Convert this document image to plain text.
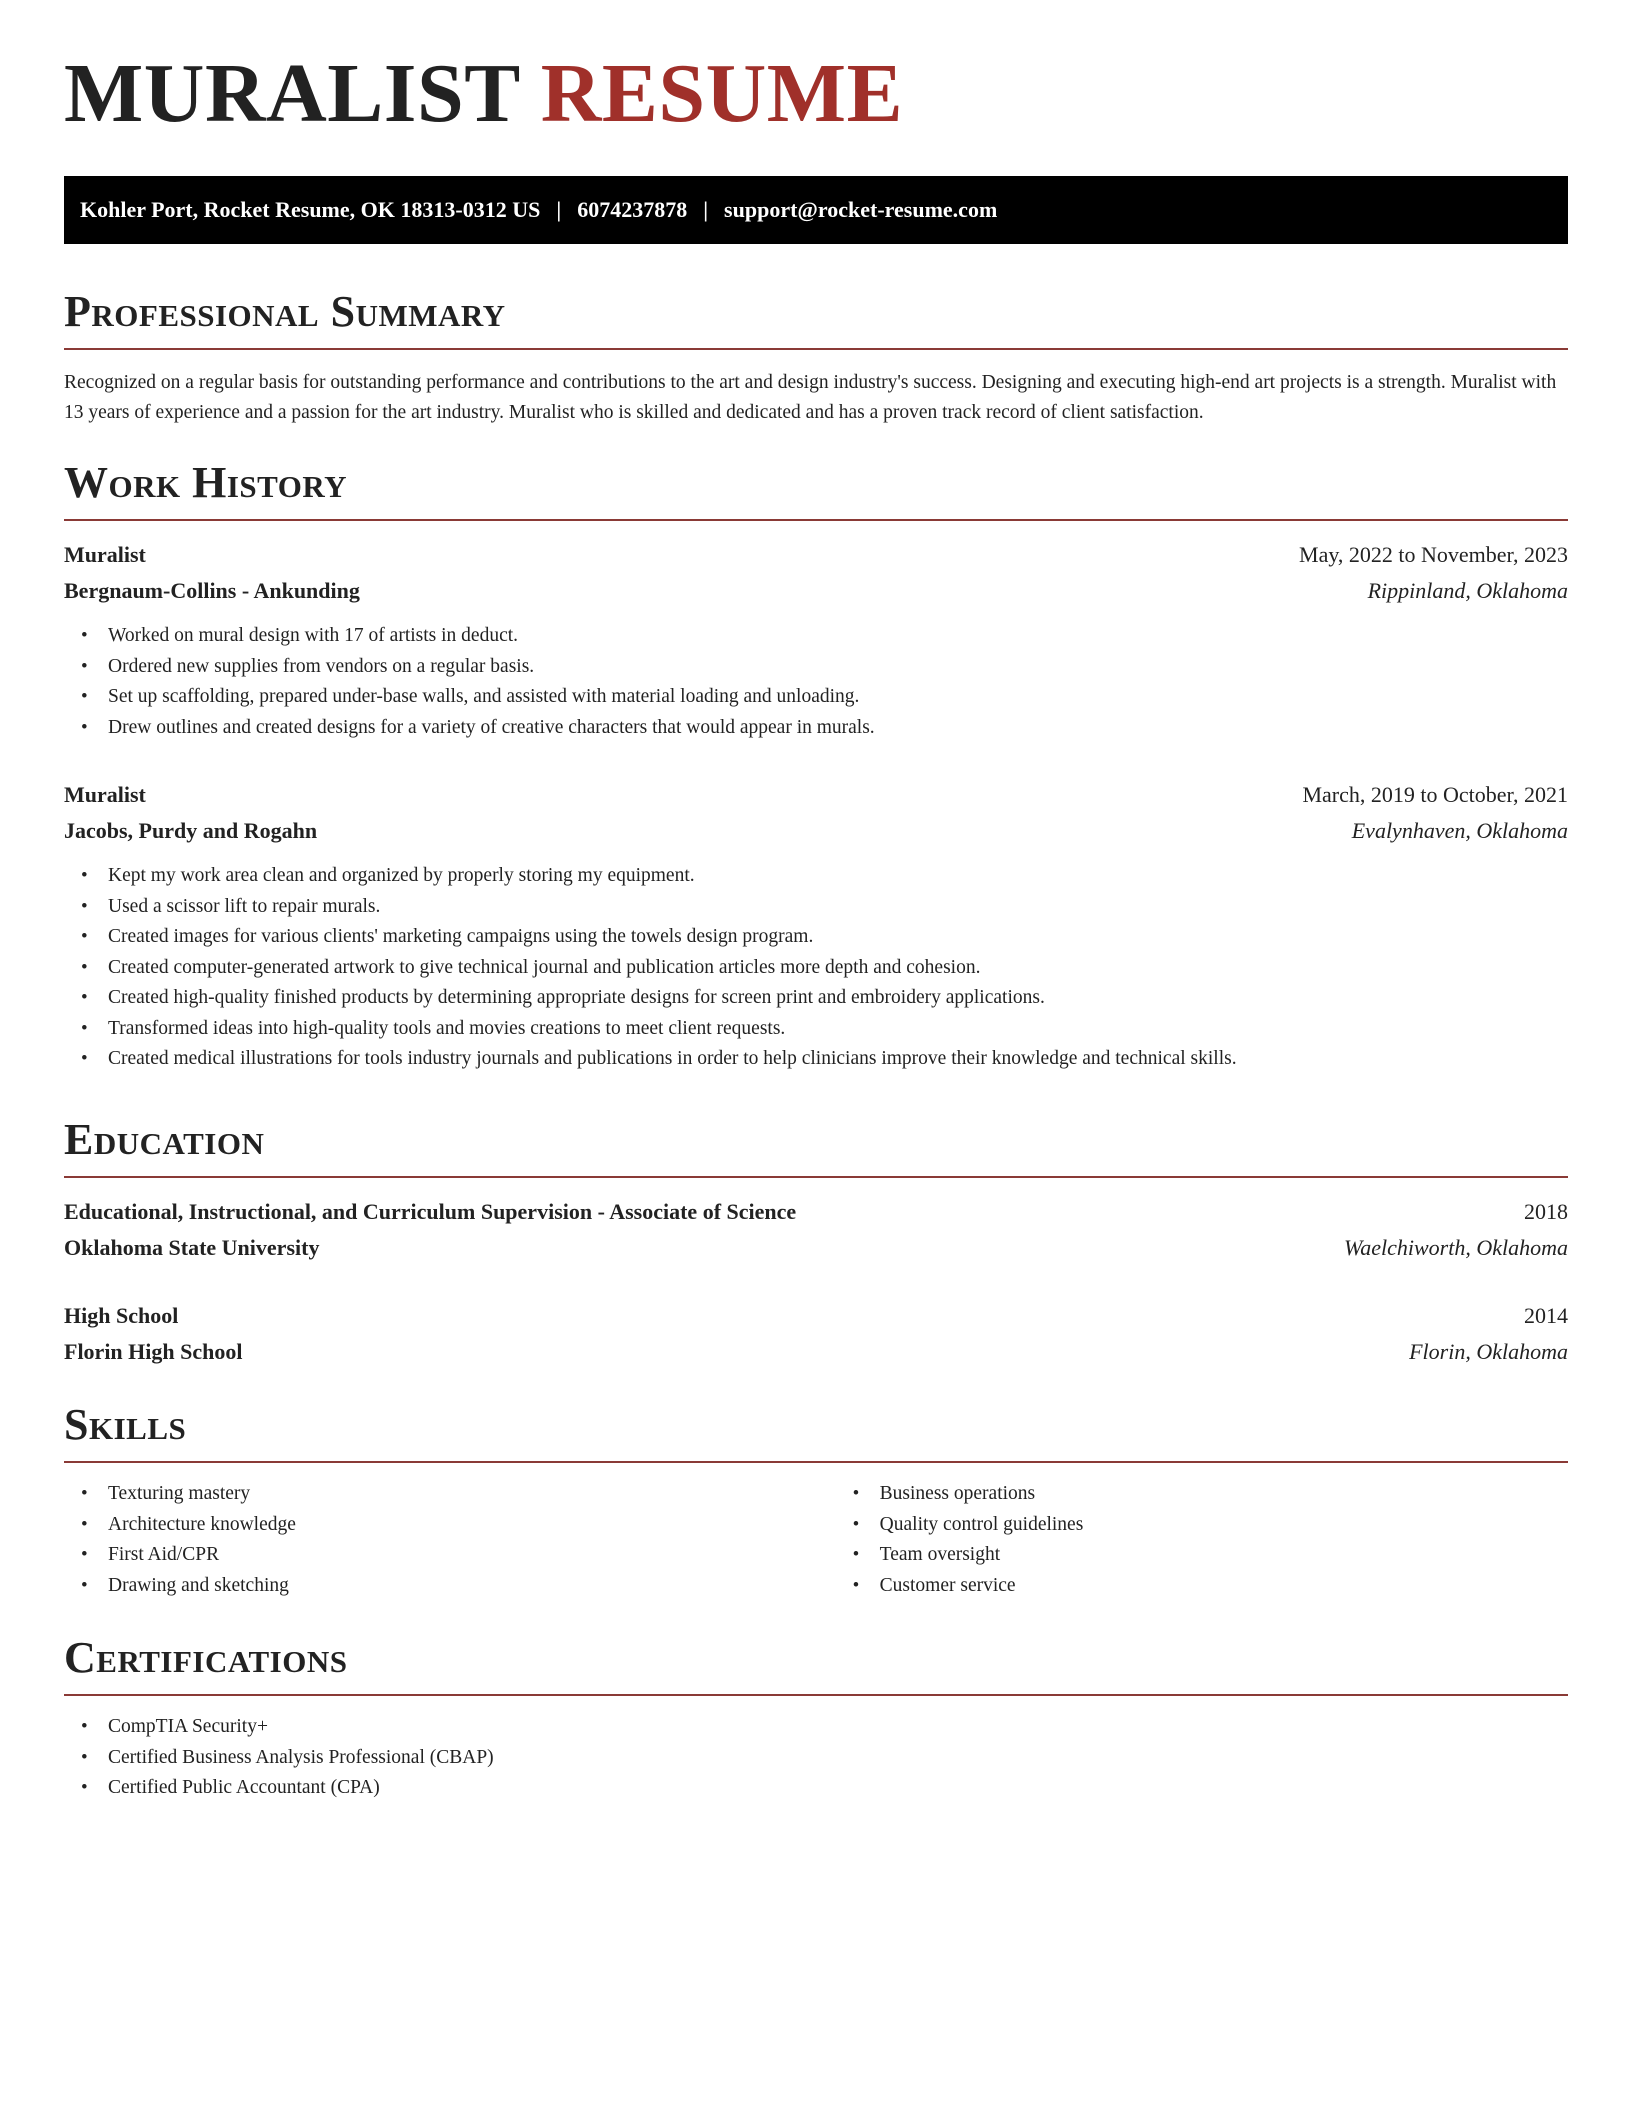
MURALIST RESUME
Kohler Port, Rocket Resume, OK 18313-0312 US | 6074237878 | support@rocket-resume.com
Professional Summary

Recognized on a regular basis for outstanding performance and contributions to the art and design industry's success. Designing and executing high-end art projects is a strength. Muralist with 13 years of experience and a passion for the art industry. Muralist who is skilled and dedicated and has a proven track record of client satisfaction.

Work History
Muralist	May, 2022 to November, 2023
Bergnaum-Collins - Ankunding	Rippinland, Oklahoma
• Worked on mural design with 17 of artists in deduct.
• Ordered new supplies from vendors on a regular basis.
• Set up scaffolding, prepared under-base walls, and assisted with material loading and unloading.
• Drew outlines and created designs for a variety of creative characters that would appear in murals.
Muralist	March, 2019 to October, 2021
Jacobs, Purdy and Rogahn	Evalynhaven, Oklahoma
• Kept my work area clean and organized by properly storing my equipment.
• Used a scissor lift to repair murals.
• Created images for various clients' marketing campaigns using the towels design program.
• Created computer-generated artwork to give technical journal and publication articles more depth and cohesion.
• Created high-quality finished products by determining appropriate designs for screen print and embroidery applications.
• Transformed ideas into high-quality tools and movies creations to meet client requests.
• Created medical illustrations for tools industry journals and publications in order to help clinicians improve their knowledge and technical skills.
Education
Educational, Instructional, and Curriculum Supervision - Associate of Science	2018
Oklahoma State University	Waelchiworth, Oklahoma
High School	2014
Florin High School	Florin, Oklahoma
Skills
• Texturing mastery
• Architecture knowledge
• First Aid/CPR
• Drawing and sketching
• Business operations
• Quality control guidelines
• Team oversight
• Customer service
Certifications
• CompTIA Security+
• Certified Business Analysis Professional (CBAP)
• Certified Public Accountant (CPA)
